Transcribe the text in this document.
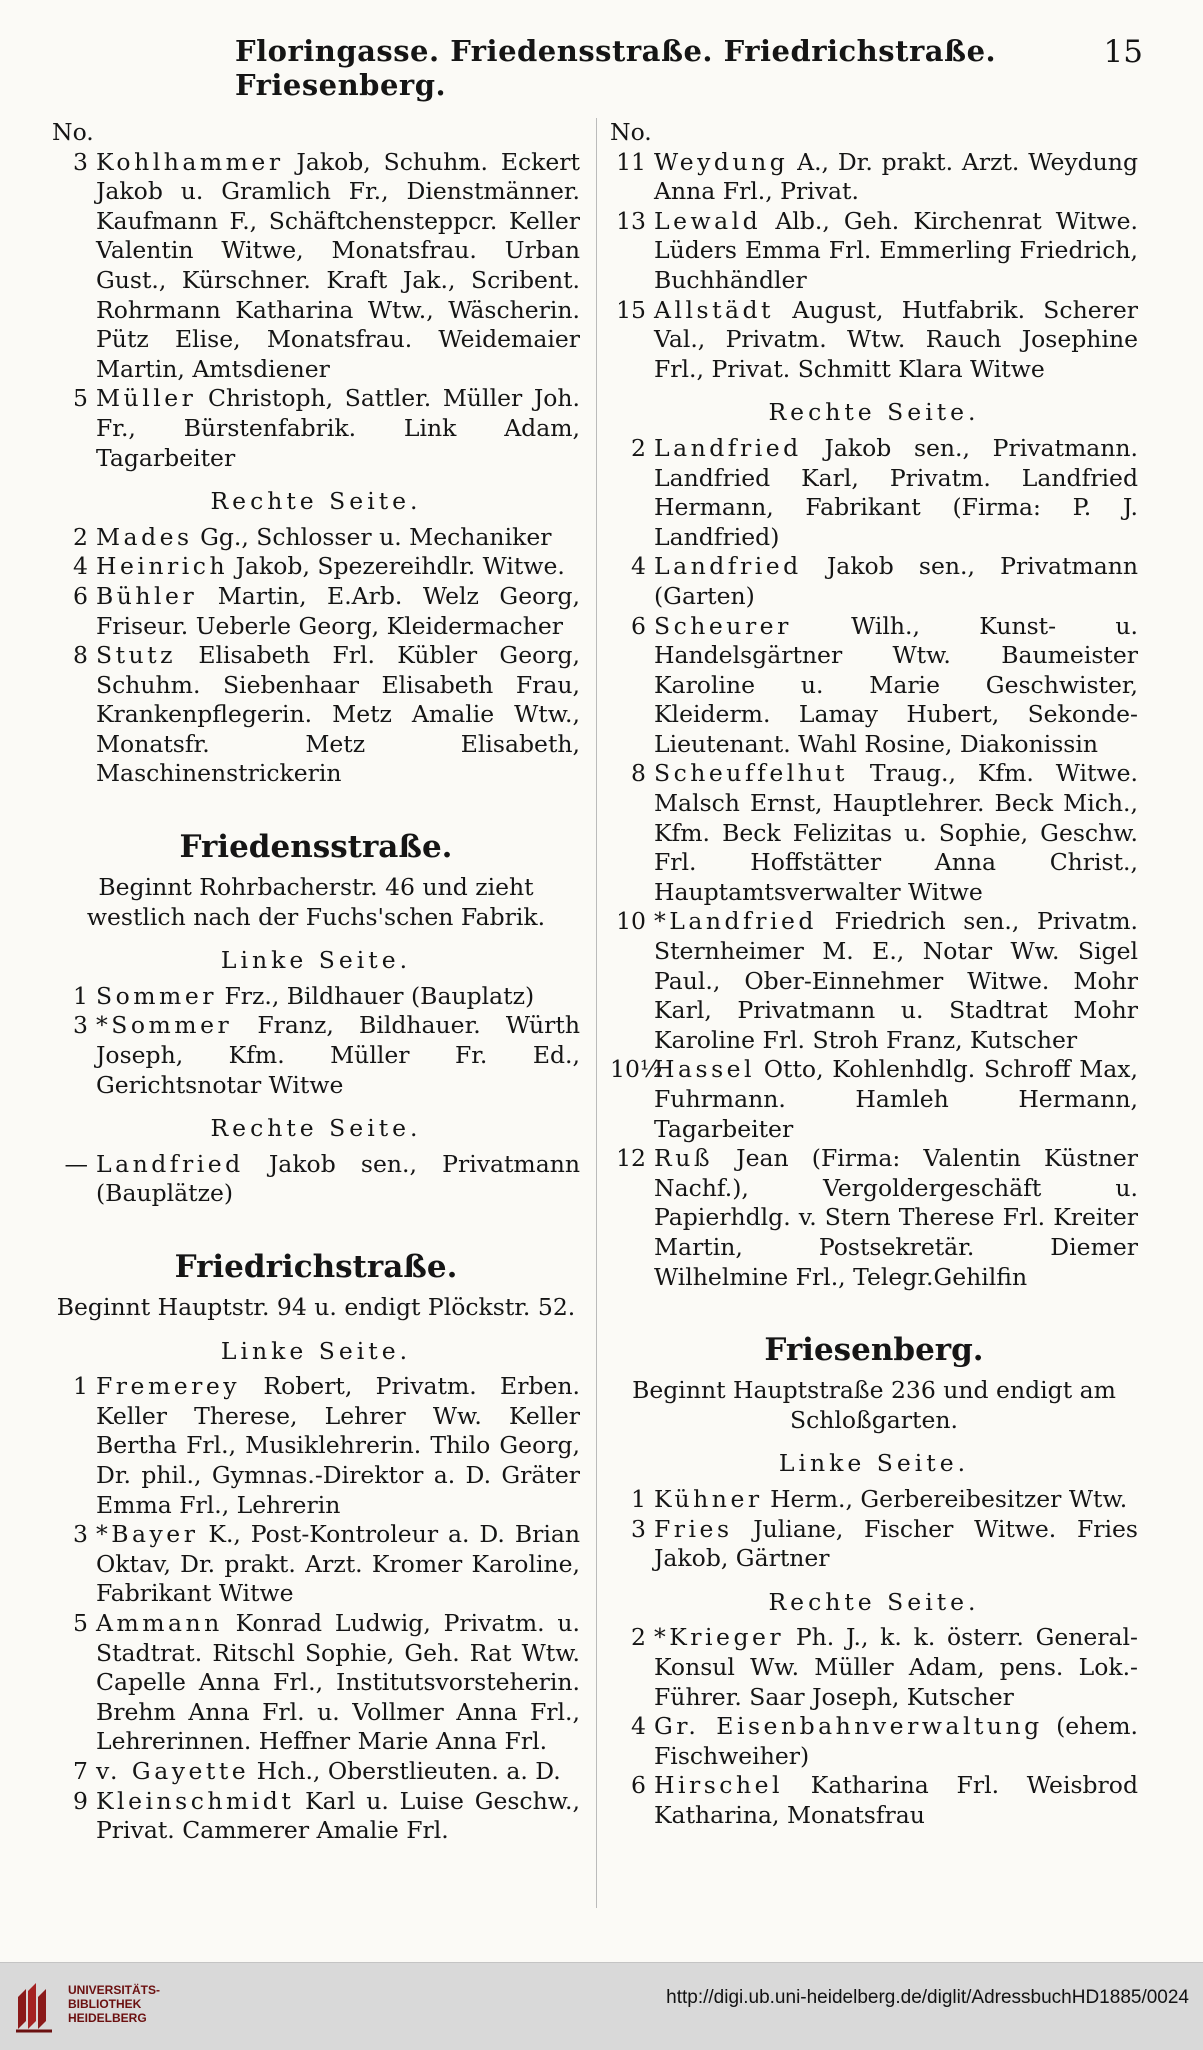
Floringasse. Friedensstraße. Friedrichstraße. Friesenberg.
15
No.
3 Kohlhammer Jakob, Schuhm. Eckert Jakob u. Gramlich Fr., Dienstmänner. Kaufmann F., Schäftchensteppcr. Keller Valentin Witwe, Monatsfrau. Urban Gust., Kürschner. Kraft Jak., Scribent. Rohrmann Katharina Wtw., Wäscherin. Pütz Elise, Monatsfrau. Weidemaier Martin, Amtsdiener
5 Müller Christoph, Sattler. Müller Joh. Fr., Bürstenfabrik. Link Adam, Tagarbeiter
Rechte Seite.
2 Mades Gg., Schlosser u. Mechaniker
4 Heinrich Jakob, Spezereihdlr. Witwe.
6 Bühler Martin, E.Arb. Welz Georg, Friseur. Ueberle Georg, Kleidermacher
8 Stutz Elisabeth Frl. Kübler Georg, Schuhm. Siebenhaar Elisabeth Frau, Krankenpflegerin. Metz Amalie Wtw., Monatsfr. Metz Elisabeth, Maschinenstrickerin
Friedensstraße.
Beginnt Rohrbacherstr. 46 und zieht westlich nach der Fuchs'schen Fabrik.
Linke Seite.
1 Sommer Frz., Bildhauer (Bauplatz)
3 *Sommer Franz, Bildhauer. Würth Joseph, Kfm. Müller Fr. Ed., Gerichtsnotar Witwe
Rechte Seite.
— Landfried Jakob sen., Privatmann (Bauplätze)
Friedrichstraße.
Beginnt Hauptstr. 94 u. endigt Plöckstr. 52.
Linke Seite.
1 Fremerey Robert, Privatm. Erben. Keller Therese, Lehrer Ww. Keller Bertha Frl., Musiklehrerin. Thilo Georg, Dr. phil., Gymnas.-Direktor a. D. Gräter Emma Frl., Lehrerin
3 *Bayer K., Post-Kontroleur a. D. Brian Oktav, Dr. prakt. Arzt. Kromer Karoline, Fabrikant Witwe
5 Ammann Konrad Ludwig, Privatm. u. Stadtrat. Ritschl Sophie, Geh. Rat Wtw. Capelle Anna Frl., Institutsvorsteherin. Brehm Anna Frl. u. Vollmer Anna Frl., Lehrerinnen. Heffner Marie Anna Frl.
7 v. Gayette Hch., Oberstlieuten. a. D.
9 Kleinschmidt Karl u. Luise Geschw., Privat. Cammerer Amalie Frl.
No.
11 Weydung A., Dr. prakt. Arzt. Weydung Anna Frl., Privat.
13 Lewald Alb., Geh. Kirchenrat Witwe. Lüders Emma Frl. Emmerling Friedrich, Buchhändler
15 Allstädt August, Hutfabrik. Scherer Val., Privatm. Wtw. Rauch Josephine Frl., Privat. Schmitt Klara Witwe
Rechte Seite.
2 Landfried Jakob sen., Privatmann. Landfried Karl, Privatm. Landfried Hermann, Fabrikant (Firma: P. J. Landfried)
4 Landfried Jakob sen., Privatmann (Garten)
6 Scheurer Wilh., Kunst- u. Handelsgärtner Wtw. Baumeister Karoline u. Marie Geschwister, Kleiderm. Lamay Hubert, Sekonde-Lieutenant. Wahl Rosine, Diakonissin
8 Scheuffelhut Traug., Kfm. Witwe. Malsch Ernst, Hauptlehrer. Beck Mich., Kfm. Beck Felizitas u. Sophie, Geschw. Frl. Hoffstätter Anna Christ., Hauptamtsverwalter Witwe
10 *Landfried Friedrich sen., Privatm. Sternheimer M. E., Notar Ww. Sigel Paul., Ober-Einnehmer Witwe. Mohr Karl, Privatmann u. Stadtrat Mohr Karoline Frl. Stroh Franz, Kutscher
10½
Hassel Otto, Kohlenhdlg. Schroff Max, Fuhrmann. Hamleh Hermann, Tagarbeiter
12 Ruß Jean (Firma: Valentin Küstner Nachf.), Vergoldergeschäft u. Papierhdlg. v. Stern Therese Frl. Kreiter Martin, Postsekretär. Diemer Wilhelmine Frl., Telegr.Gehilfin
Friesenberg.
Beginnt Hauptstraße 236 und endigt am Schloßgarten.
Linke Seite.
1 Kühner Herm., Gerbereibesitzer Wtw.
3 Fries Juliane, Fischer Witwe. Fries Jakob, Gärtner
Rechte Seite.
2 *Krieger Ph. J., k. k. österr. General-Konsul Ww. Müller Adam, pens. Lok.-Führer. Saar Joseph, Kutscher
4 Gr. Eisenbahnverwaltung (ehem. Fischweiher)
6 Hirschel Katharina Frl. Weisbrod Katharina, Monatsfrau
UNIVERSITÄTS-
BIBLIOTHEK
HEIDELBERG
http://digi.ub.uni-heidelberg.de/diglit/AdressbuchHD1885/0024
